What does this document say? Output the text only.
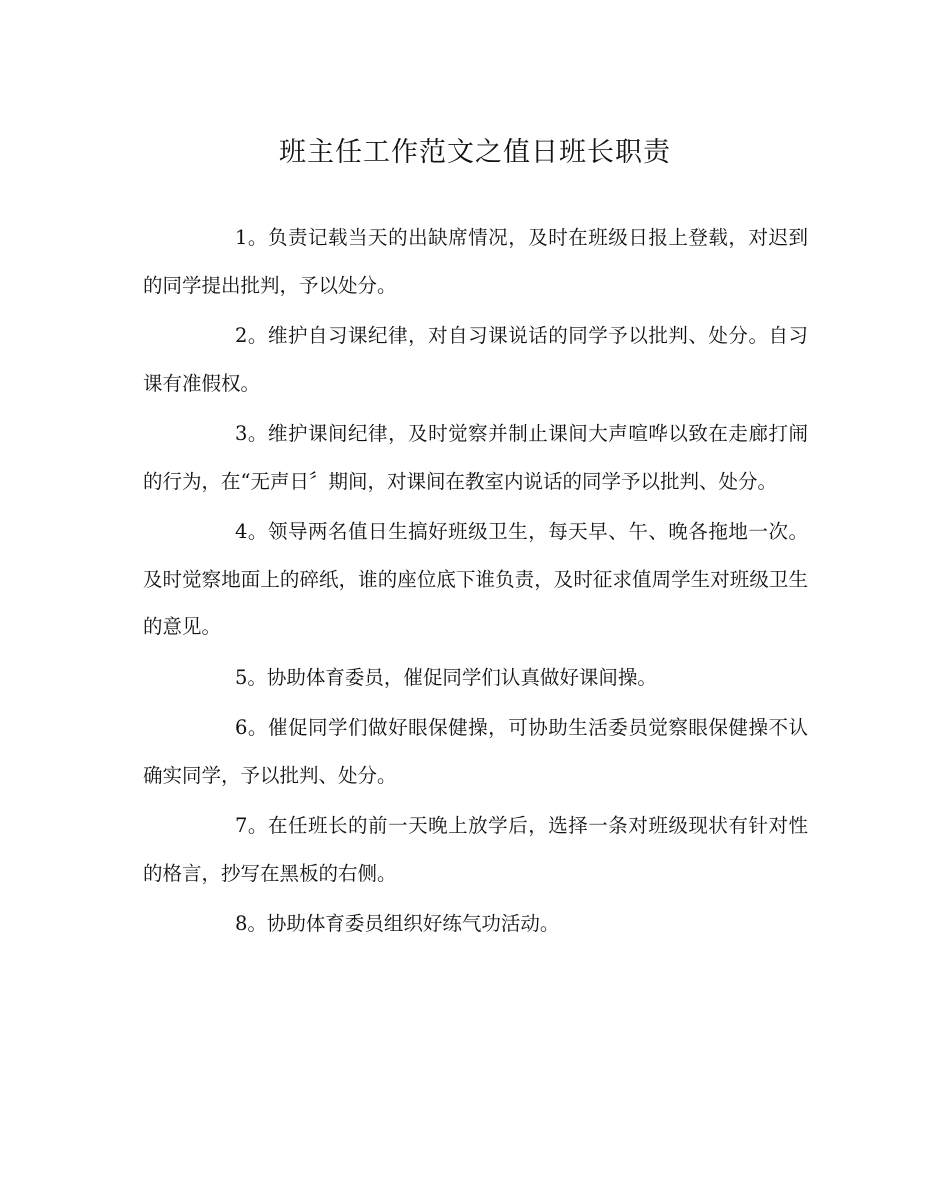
班主任工作范文之值日班长职责

1。负责记载当天的出缺席情况，及时在班级日报上登载，对迟到的同学提出批判，予以处分。

2。维护自习课纪律，对自习课说话的同学予以批判、处分。自习课有准假权。

3。维护课间纪律，及时觉察并制止课间大声喧哗以致在走廊打闹的行为，在“无声日〞期间，对课间在教室内说话的同学予以批判、处分。

4。领导两名值日生搞好班级卫生，每天早、午、晚各拖地一次。及时觉察地面上的碎纸，谁的座位底下谁负责，及时征求值周学生对班级卫生的意见。

5。协助体育委员，催促同学们认真做好课间操。

6。催促同学们做好眼保健操，可协助生活委员觉察眼保健操不认确实同学，予以批判、处分。

7。在任班长的前一天晚上放学后，选择一条对班级现状有针对性的格言，抄写在黑板的右侧。

8。协助体育委员组织好练气功活动。
